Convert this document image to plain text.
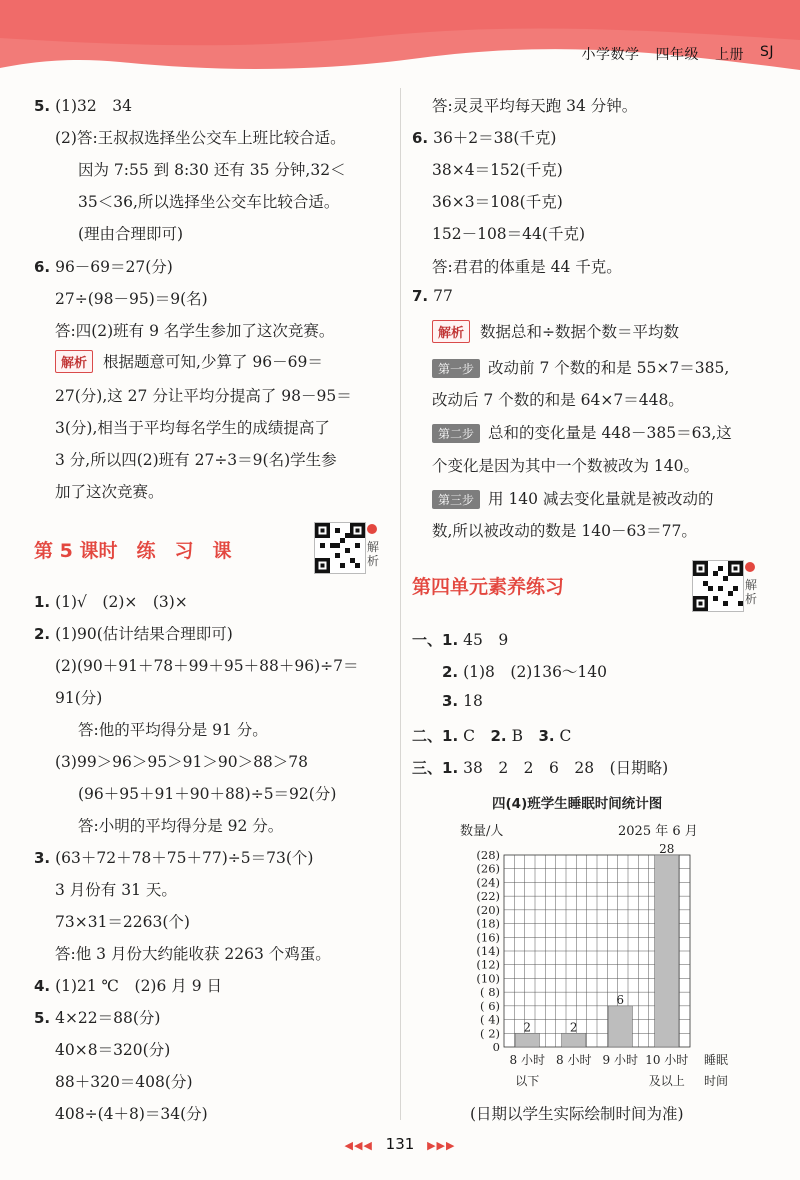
小学数学 四年级 上册 SJ
5. (1)32　34
(2)答:王叔叔选择坐公交车上班比较合适。
因为 7:55 到 8:30 还有 35 分钟,32＜
35＜36,所以选择坐公交车比较合适。
(理由合理即可)
6. 96－69＝27(分)
27÷(98－95)＝9(名)
答:四(2)班有 9 名学生参加了这次竞赛。
解析 根据题意可知,少算了 96－69＝
27(分),这 27 分让平均分提高了 98－95＝
3(分),相当于平均每名学生的成绩提高了
3 分,所以四(2)班有 27÷3＝9(名)学生参
加了这次竞赛。
第 5 课时　练　习　课	解析
1. (1)√　(2)×　(3)×
2. (1)90(估计结果合理即可)
(2)(90＋91＋78＋99＋95＋88＋96)÷7＝
91(分)
答:他的平均得分是 91 分。
(3)99＞96＞95＞91＞90＞88＞78
(96＋95＋91＋90＋88)÷5＝92(分)
答:小明的平均得分是 92 分。
3. (63＋72＋78＋75＋77)÷5＝73(个)
3 月份有 31 天。
73×31＝2263(个)
答:他 3 月份大约能收获 2263 个鸡蛋。
4. (1)21 ℃　(2)6 月 9 日
5. 4×22＝88(分)
40×8＝320(分)
88＋320＝408(分)
408÷(4＋8)＝34(分)
答:灵灵平均每天跑 34 分钟。
6. 36＋2＝38(千克)
38×4＝152(千克)
36×3＝108(千克)
152－108＝44(千克)
答:君君的体重是 44 千克。
7. 77
解析 数据总和÷数据个数＝平均数
第一步 改动前 7 个数的和是 55×7＝385,
改动后 7 个数的和是 64×7＝448。
第二步 总和的变化量是 448－385＝63,这
个变化是因为其中一个数被改为 140。
第三步 用 140 减去变化量就是被改动的
数,所以被改动的数是 140－63＝77。
第四单元素养练习	解析
一、1. 45　9
2. (1)8　(2)136～140
3. 18
二、1. C　 2. B　 3. C
三、1. 38　2　2　6　28　(日期略)
四(4)班学生睡眠时间统计图
数量/人	2025 年 6 月
0
( 2)
( 4)
( 6)
( 8)
(10)
(12)
(14)
(16)
(18)
(20)
(22)
(24)
(26)
(28)
2
8 小时
以下
2
8 小时
6
9 小时
28
10 小时
及以上
睡眠
时间
(日期以学生实际绘制时间为准)
◀◀◀ 131 ▶▶▶
